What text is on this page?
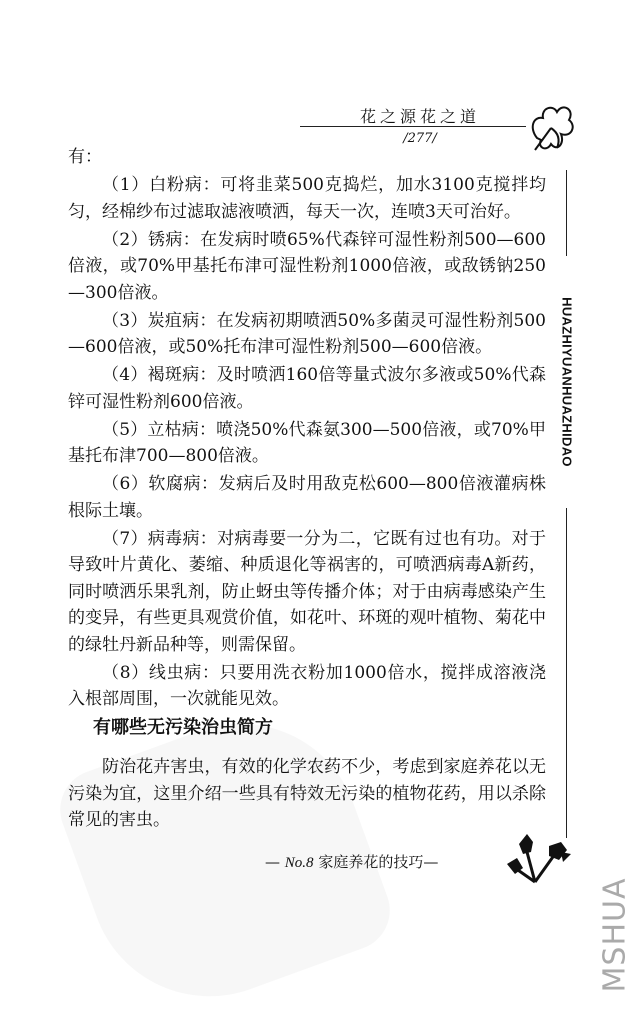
花之源花之道
/277/
HUAZHIYUANHUAZHIDAO

有：

（1）白粉病：可将韭菜500克捣烂，加水3100克搅拌均匀，经棉纱布过滤取滤液喷洒，每天一次，连喷3天可治好。

（2）锈病：在发病时喷65%代森锌可湿性粉剂500—600倍液，或70%甲基托布津可湿性粉剂1000倍液，或敌锈钠250—300倍液。

（3）炭疽病：在发病初期喷洒50%多菌灵可湿性粉剂500—600倍液，或50%托布津可湿性粉剂500—600倍液。

（4）褐斑病：及时喷洒160倍等量式波尔多液或50%代森锌可湿性粉剂600倍液。

（5）立枯病：喷浇50%代森氨300—500倍液，或70%甲基托布津700—800倍液。

（6）软腐病：发病后及时用敌克松600—800倍液灌病株根际土壤。

（7）病毒病：对病毒要一分为二，它既有过也有功。对于导致叶片黄化、萎缩、种质退化等祸害的，可喷洒病毒A新药，同时喷洒乐果乳剂，防止蚜虫等传播介体；对于由病毒感染产生的变异，有些更具观赏价值，如花叶、环斑的观叶植物、菊花中的绿牡丹新品种等，则需保留。

（8）线虫病：只要用洗衣粉加1000倍水，搅拌成溶液浇入根部周围，一次就能见效。

有哪些无污染治虫简方

防治花卉害虫，有效的化学农药不少，考虑到家庭养花以无污染为宜，这里介绍一些具有特效无污染的植物花药，用以杀除常见的害虫。

— No.8 家庭养花的技巧—
MSHUA
